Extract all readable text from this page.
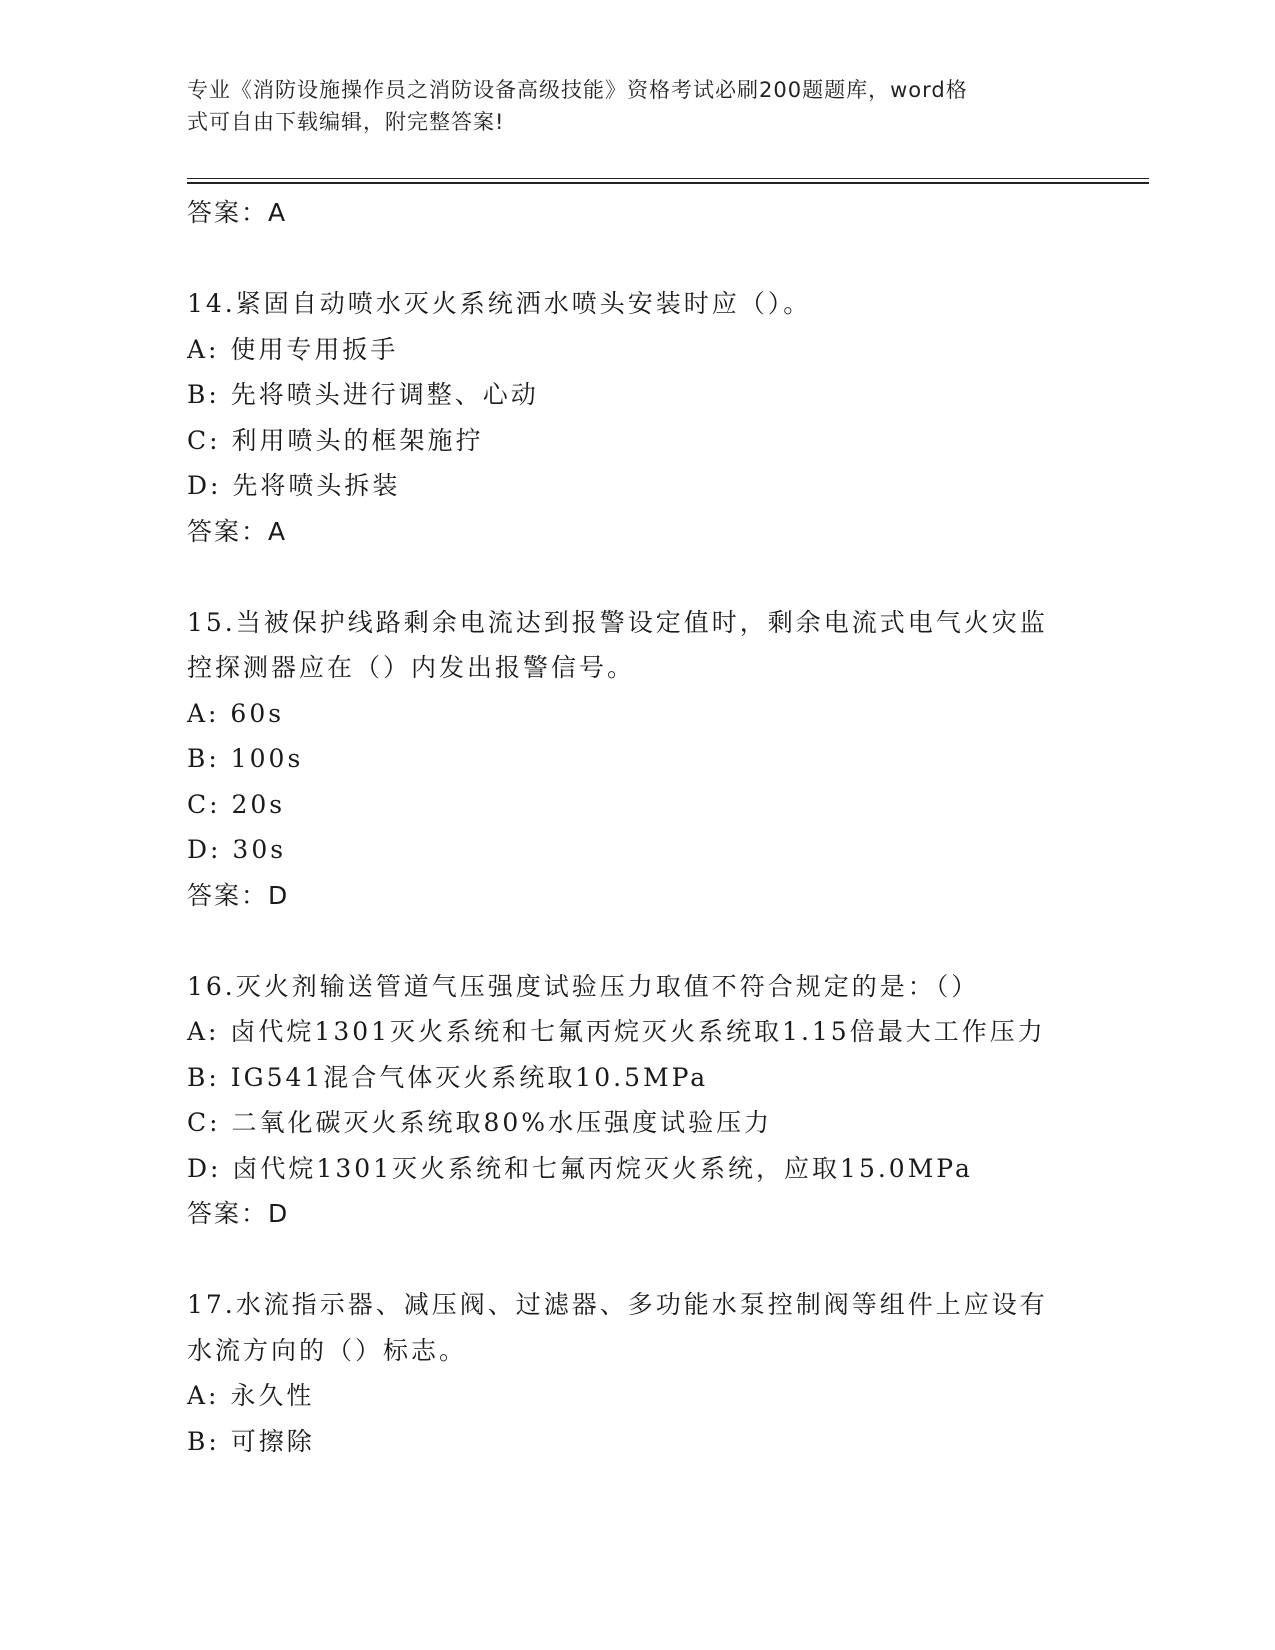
专业《消防设施操作员之消防设备高级技能》资格考试必刷200题题库，word格
式可自由下载编辑，附完整答案!
答案：A
14.紧固自动喷水灭火系统洒水喷头安装时应（）。
A: 使用专用扳手
B: 先将喷头进行调整、心动
C: 利用喷头的框架施拧
D: 先将喷头拆装
答案：A
15.当被保护线路剩余电流达到报警设定值时，剩余电流式电气火灾监
控探测器应在（）内发出报警信号。
A: 60s
B: 100s
C: 20s
D: 30s
答案：D
16.灭火剂输送管道气压强度试验压力取值不符合规定的是：（）
A: 卤代烷1301灭火系统和七氟丙烷灭火系统取1.15倍最大工作压力
B: IG541混合气体灭火系统取10.5MPa
C: 二氧化碳灭火系统取80%水压强度试验压力
D: 卤代烷1301灭火系统和七氟丙烷灭火系统，应取15.0MPa
答案：D
17.水流指示器、减压阀、过滤器、多功能水泵控制阀等组件上应设有
水流方向的（）标志。
A: 永久性
B: 可擦除
